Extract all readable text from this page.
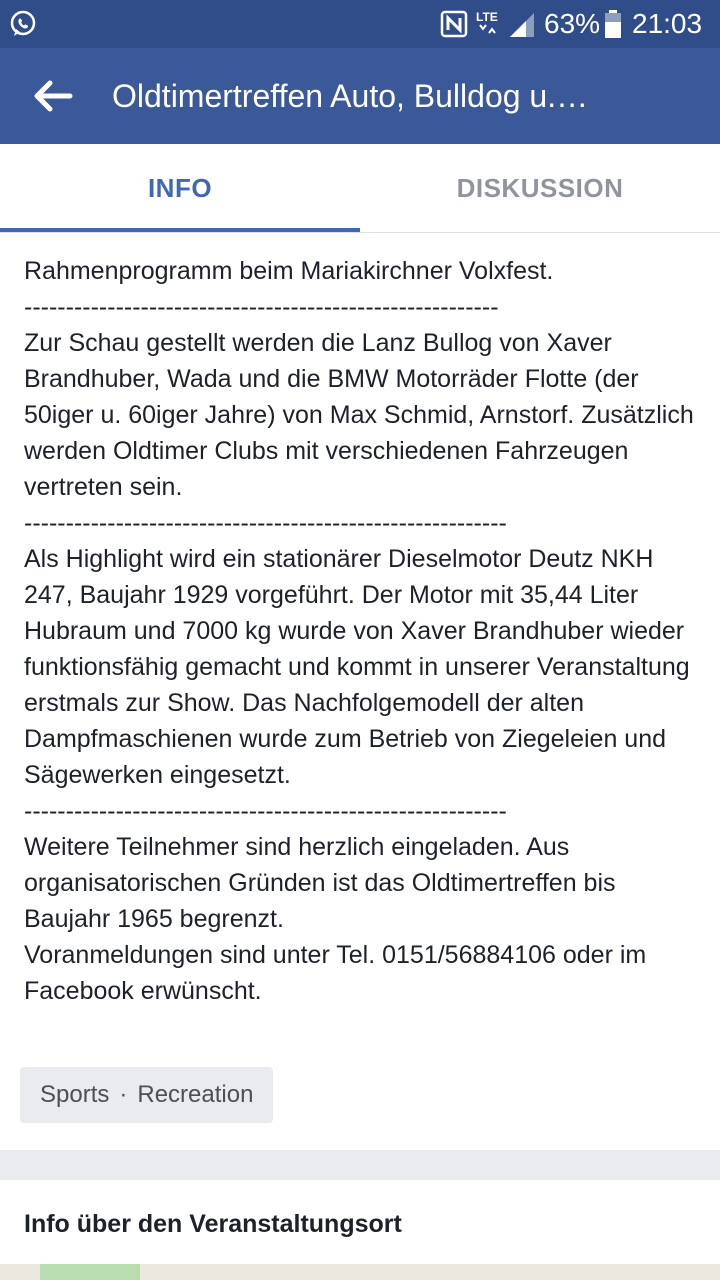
LTE 63% 21:03
Oldtimertreffen Auto, Bulldog u.…
INFO	DISKUSSION

Rahmenprogramm beim Mariakirchner Volxfest.
---------------------------------------------------------

Zur Schau gestellt werden die Lanz Bullog von Xaver Brandhuber, Wada und die BMW Motorräder Flotte (der 50iger u. 60iger Jahre) von Max Schmid, Arnstorf. Zusätzlich werden Oldtimer Clubs mit verschiedenen Fahrzeugen vertreten sein.
----------------------------------------------------------

Als Highlight wird ein stationärer Dieselmotor Deutz NKH 247, Baujahr 1929 vorgeführt. Der Motor mit 35,44 Liter Hubraum und 7000 kg wurde von Xaver Brandhuber wieder funktionsfähig gemacht und kommt in unserer Veranstaltung erstmals zur Show. Das Nachfolgemodell der alten Dampfmaschienen wurde zum Betrieb von Ziegeleien und Sägewerken eingesetzt.
----------------------------------------------------------

Weitere Teilnehmer sind herzlich eingeladen. Aus organisatorischen Gründen ist das Oldtimertreffen bis Baujahr 1965 begrenzt.
Voranmeldungen sind unter Tel. 0151/56884106 oder im Facebook erwünscht.

Sports · Recreation
Info über den Veranstaltungsort
